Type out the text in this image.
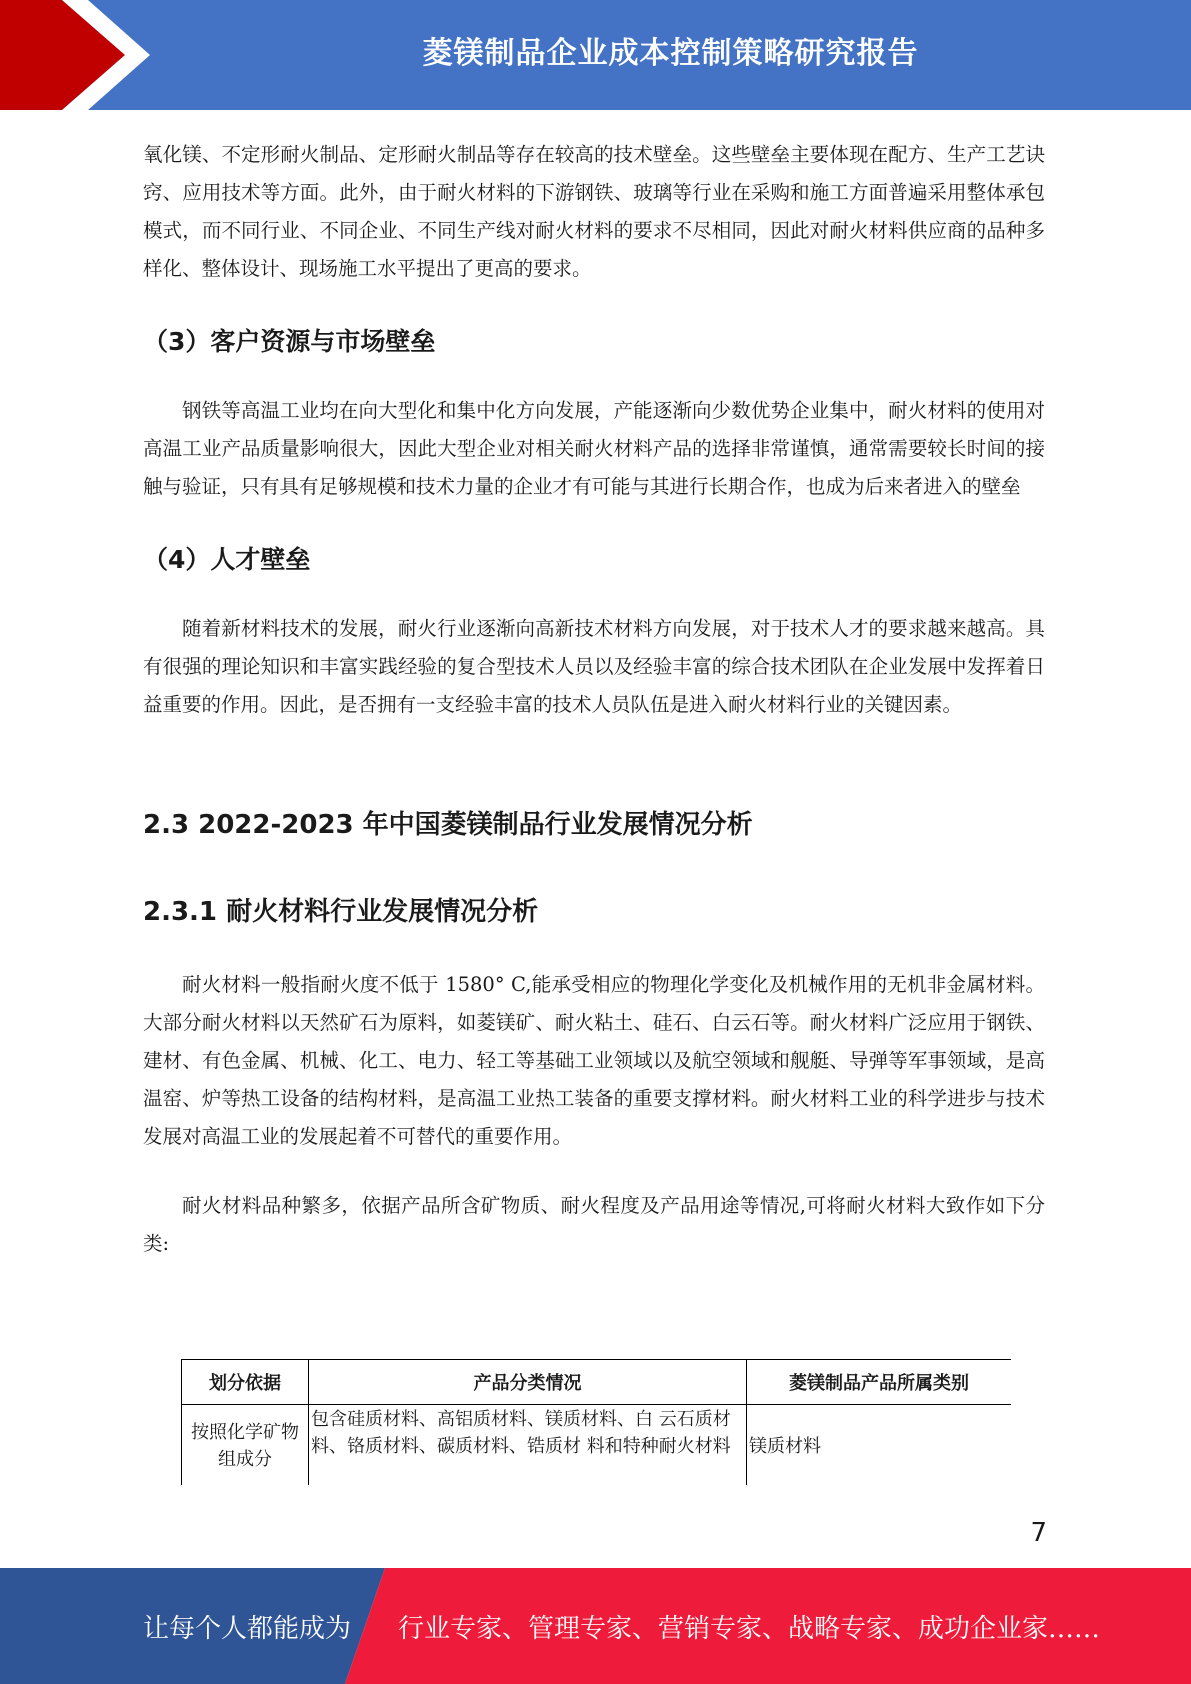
菱镁制品企业成本控制策略研究报告

氧化镁、不定形耐火制品、定形耐火制品等存在较高的技术壁垒。这些壁垒主要体现在配方、生产工艺诀窍、应用技术等方面。此外，由于耐火材料的下游钢铁、玻璃等行业在采购和施工方面普遍采用整体承包模式，而不同行业、不同企业、不同生产线对耐火材料的要求不尽相同，因此对耐火材料供应商的品种多样化、整体设计、现场施工水平提出了更高的要求。

（3）客户资源与市场壁垒

钢铁等高温工业均在向大型化和集中化方向发展，产能逐渐向少数优势企业集中，耐火材料的使用对高温工业产品质量影响很大，因此大型企业对相关耐火材料产品的选择非常谨慎，通常需要较长时间的接触与验证，只有具有足够规模和技术力量的企业才有可能与其进行长期合作，也成为后来者进入的壁垒

（4）人才壁垒

随着新材料技术的发展，耐火行业逐渐向高新技术材料方向发展，对于技术人才的要求越来越高。具有很强的理论知识和丰富实践经验的复合型技术人员以及经验丰富的综合技术团队在企业发展中发挥着日益重要的作用。因此，是否拥有一支经验丰富的技术人员队伍是进入耐火材料行业的关键因素。

2.3 2022-2023 年中国菱镁制品行业发展情况分析
2.3.1 耐火材料行业发展情况分析

耐火材料一般指耐火度不低于 1580° C,能承受相应的物理化学变化及机械作用的无机非金属材料。大部分耐火材料以天然矿石为原料，如菱镁矿、耐火粘土、硅石、白云石等。耐火材料广泛应用于钢铁、建材、有色金属、机械、化工、电力、轻工等基础工业领域以及航空领域和舰艇、导弹等军事领域，是高温窑、炉等热工设备的结构材料，是高温工业热工装备的重要支撑材料。耐火材料工业的科学进步与技术发展对高温工业的发展起着不可替代的重要作用。

耐火材料品种繁多，依据产品所含矿物质、耐火程度及产品用途等情况,可将耐火材料大致作如下分类:

划分依据	产品分类情况	菱镁制品产品所属类别
按照化学矿物组成分	包含硅质材料、高铝质材料、镁质材料、白 云石质材料、铬质材料、碳质材料、锆质材 料和特种耐火材料	镁质材料
7
让每个人都能成为 行业专家、管理专家、营销专家、战略专家、成功企业家……
